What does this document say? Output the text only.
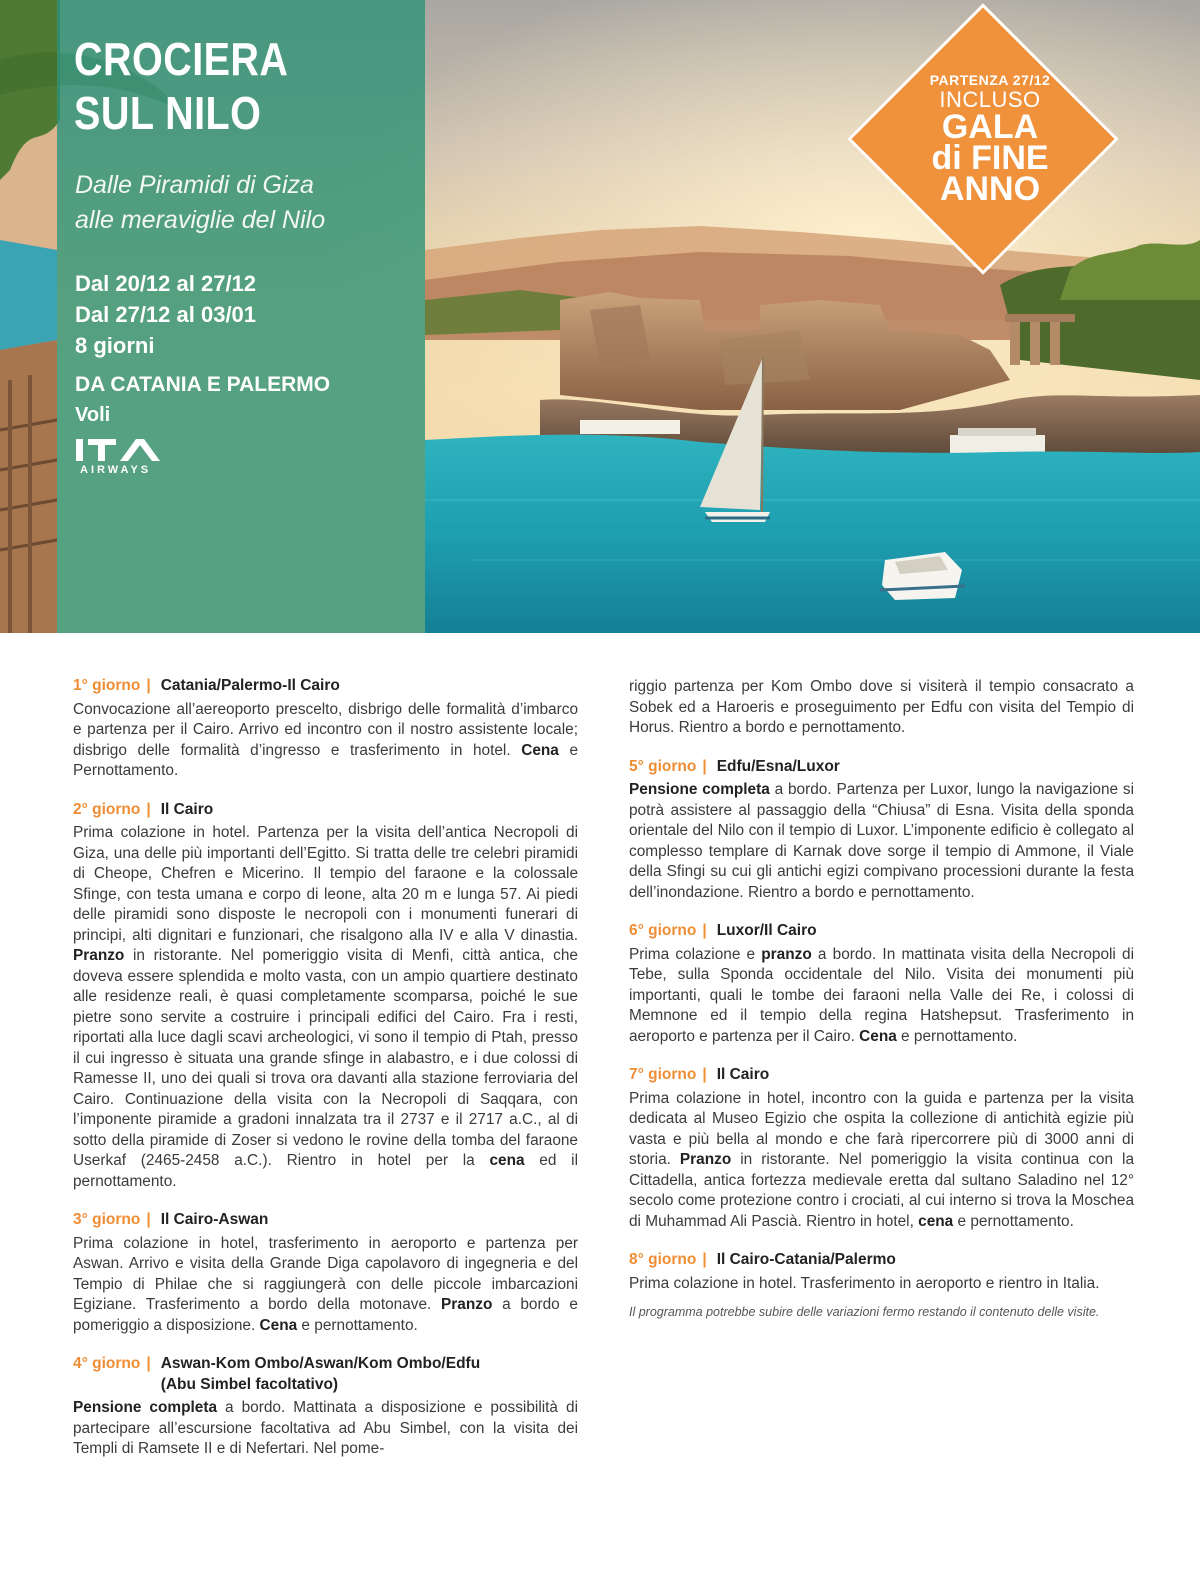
CROCIERA
SUL NILO
Dalle Piramidi di Giza
alle meraviglie del Nilo
Dal 20/12 al 27/12
Dal 27/12 al 03/01
8 giorni
DA CATANIA E PALERMO
Voli
AIRWAYS
PARTENZA 27/12
INCLUSO
GALA
di FINE
ANNO
1° giorno | Catania/Palermo-Il Cairo

Convocazione all’aereoporto prescelto, disbrigo delle formalità d’imbarco e partenza per il Cairo. Arrivo ed incontro con il nostro assistente locale; disbrigo delle formalità d’ingresso e trasferimento in hotel. Cena e Pernottamento.

2° giorno | Il Cairo

Prima colazione in hotel. Partenza per la visita dell’antica Necropoli di Giza, una delle più importanti dell’Egitto. Si tratta delle tre celebri piramidi di Cheope, Chefren e Micerino. Il tempio del faraone e la colossale Sfinge, con testa umana e corpo di leone, alta 20 m e lunga 57. Ai piedi delle piramidi sono disposte le necropoli con i monumenti funerari di principi, alti dignitari e funzionari, che risalgono alla IV e alla V dinastia. Pranzo in ristorante. Nel pomeriggio visita di Menfi, città antica, che doveva essere splendida e molto vasta, con un ampio quartiere destinato alle residenze reali, è quasi completamente scomparsa, poiché le sue pietre sono servite a costruire i principali edifici del Cairo. Fra i resti, riportati alla luce dagli scavi archeologici, vi sono il tempio di Ptah, presso il cui ingresso è situata una grande sfinge in alabastro, e i due colossi di Ramesse II, uno dei quali si trova ora davanti alla stazione ferroviaria del Cairo. Continuazione della visita con la Necropoli di Saqqara, con l’imponente piramide a gradoni innalzata tra il 2737 e il 2717 a.C., al di sotto della piramide di Zoser si vedono le rovine della tomba del faraone Userkaf (2465-2458 a.C.). Rientro in hotel per la cena ed il pernottamento.

3° giorno | Il Cairo-Aswan

Prima colazione in hotel, trasferimento in aeroporto e partenza per Aswan. Arrivo e visita della Grande Diga capolavoro di ingegneria e del Tempio di Philae che si raggiungerà con delle piccole imbarcazioni Egiziane. Trasferimento a bordo della motonave. Pranzo a bordo e pomeriggio a disposizione. Cena e pernottamento.

4° giorno | Aswan-Kom Ombo/Aswan/Kom Ombo/Edfu
(Abu Simbel facoltativo)

Pensione completa a bordo. Mattinata a disposizione e possibilità di partecipare all’escursione facoltativa ad Abu Simbel, con la visita dei Templi di Ramsete II e di Nefertari. Nel pome-

riggio partenza per Kom Ombo dove si visiterà il tempio consacrato a Sobek ed a Haroeris e proseguimento per Edfu con visita del Tempio di Horus. Rientro a bordo e pernottamento.

5° giorno | Edfu/Esna/Luxor

Pensione completa a bordo. Partenza per Luxor, lungo la navigazione si potrà assistere al passaggio della “Chiusa” di Esna. Visita della sponda orientale del Nilo con il tempio di Luxor. L’imponente edificio è collegato al complesso templare di Karnak dove sorge il tempio di Ammone, il Viale della Sfingi su cui gli antichi egizi compivano processioni durante la festa dell’inondazione. Rientro a bordo e pernottamento.

6° giorno | Luxor/Il Cairo

Prima colazione e pranzo a bordo. In mattinata visita della Necropoli di Tebe, sulla Sponda occidentale del Nilo. Visita dei monumenti più importanti, quali le tombe dei faraoni nella Valle dei Re, i colossi di Memnone ed il tempio della regina Hatshepsut. Trasferimento in aeroporto e partenza per il Cairo. Cena e pernottamento.

7° giorno | Il Cairo

Prima colazione in hotel, incontro con la guida e partenza per la visita dedicata al Museo Egizio che ospita la collezione di antichità egizie più vasta e più bella al mondo e che farà ripercorrere più di 3000 anni di storia. Pranzo in ristorante. Nel pomeriggio la visita continua con la Cittadella, antica fortezza medievale eretta dal sultano Saladino nel 12° secolo come protezione contro i crociati, al cui interno si trova la Moschea di Muhammad Ali Pascià. Rientro in hotel, cena e pernottamento.

8° giorno | Il Cairo-Catania/Palermo

Prima colazione in hotel. Trasferimento in aeroporto e rientro in Italia.

Il programma potrebbe subire delle variazioni fermo restando il contenuto delle visite.
